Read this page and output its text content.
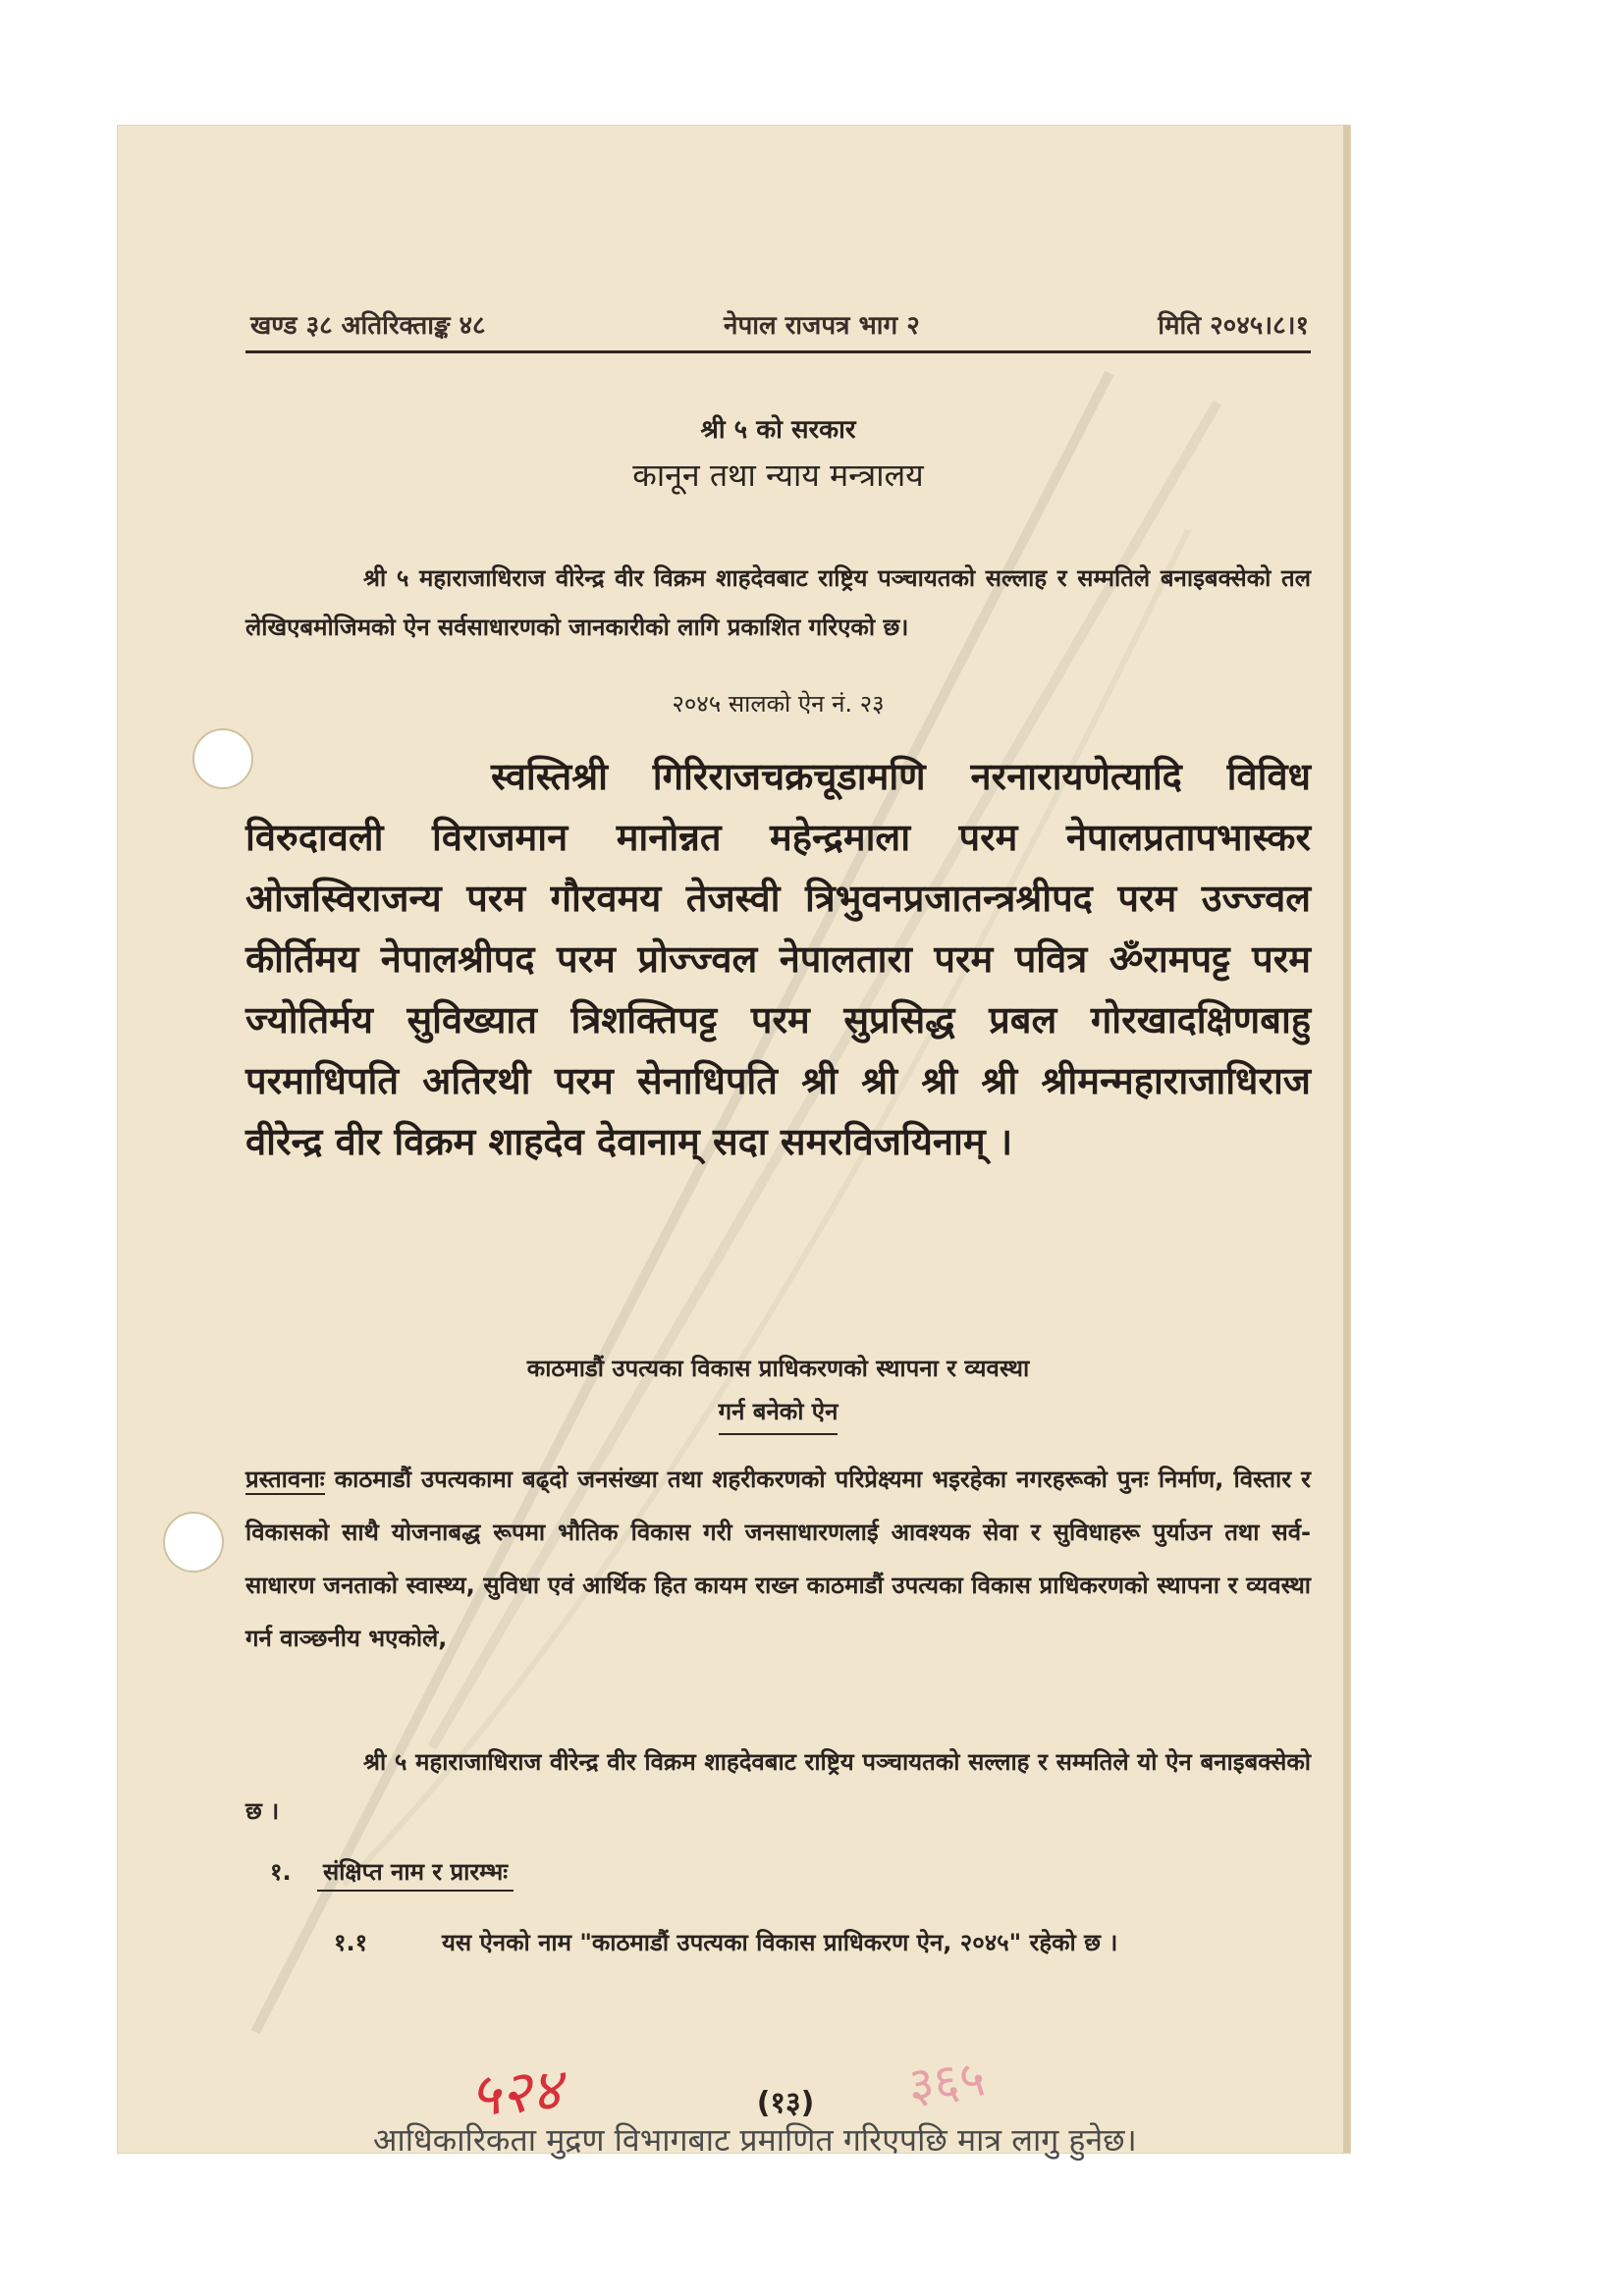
खण्ड ३८ अतिरिक्ताङ्क ४८	नेपाल राजपत्र भाग २	मिति २०४५।८।१
श्री ५ को सरकार
कानून तथा न्याय मन्त्रालय
श्री ५ महाराजाधिराज वीरेन्द्र वीर विक्रम शाहदेवबाट राष्ट्रिय पञ्चायतको सल्लाह र सम्मतिले बनाइबक्सेको तल लेखिएबमोजिमको ऐन सर्वसाधारणको जानकारीको लागि प्रकाशित गरिएको छ।
२०४५ सालको ऐन नं. २३
स्वस्तिश्री गिरिराजचक्रचूडामणि नरनारायणेत्यादि विविध विरुदावली विराजमान मानोन्नत महेन्द्रमाला परम नेपालप्रतापभास्कर ओजस्विराजन्य परम गौरवमय तेजस्वी त्रिभुवनप्रजातन्त्रश्रीपद परम उज्ज्वल कीर्तिमय नेपालश्रीपद परम प्रोज्ज्वल नेपालतारा परम पवित्र ॐरामपट्ट परम ज्योतिर्मय सुविख्यात त्रिशक्तिपट्ट परम सुप्रसिद्ध प्रबल गोरखादक्षिणबाहु परमाधिपति अतिरथी परम सेनाधिपति श्री श्री श्री श्री श्रीमन्महाराजाधिराज वीरेन्द्र वीर विक्रम शाहदेव देवानाम् सदा समरविजयिनाम् ।
काठमाडौं उपत्यका विकास प्राधिकरणको स्थापना र व्यवस्था
गर्न बनेको ऐन
प्रस्तावनाः काठमाडौं उपत्यकामा बढ्दो जनसंख्या तथा शहरीकरणको परिप्रेक्ष्यमा भइरहेका नगरहरूको पुनः निर्माण, विस्तार र विकासको साथै योजनाबद्ध रूपमा भौतिक विकास गरी जनसाधारणलाई आवश्यक सेवा र सुविधाहरू पुर्याउन तथा सर्व-साधारण जनताको स्वास्थ्य, सुविधा एवं आर्थिक हित कायम राख्न काठमाडौं उपत्यका विकास प्राधिकरणको स्थापना र व्यवस्था गर्न वाञ्छनीय भएकोले,
श्री ५ महाराजाधिराज वीरेन्द्र वीर विक्रम शाहदेवबाट राष्ट्रिय पञ्चायतको सल्लाह र सम्मतिले यो ऐन बनाइबक्सेको छ ।
१. संक्षिप्त नाम र प्रारम्भः
१.१	यस ऐनको नाम "काठमाडौं उपत्यका विकास प्राधिकरण ऐन, २०४५" रहेको छ ।
५२४	(१३)	३६५
आधिकारिकता मुद्रण विभागबाट प्रमाणित गरिएपछि मात्र लागु हुनेछ।
